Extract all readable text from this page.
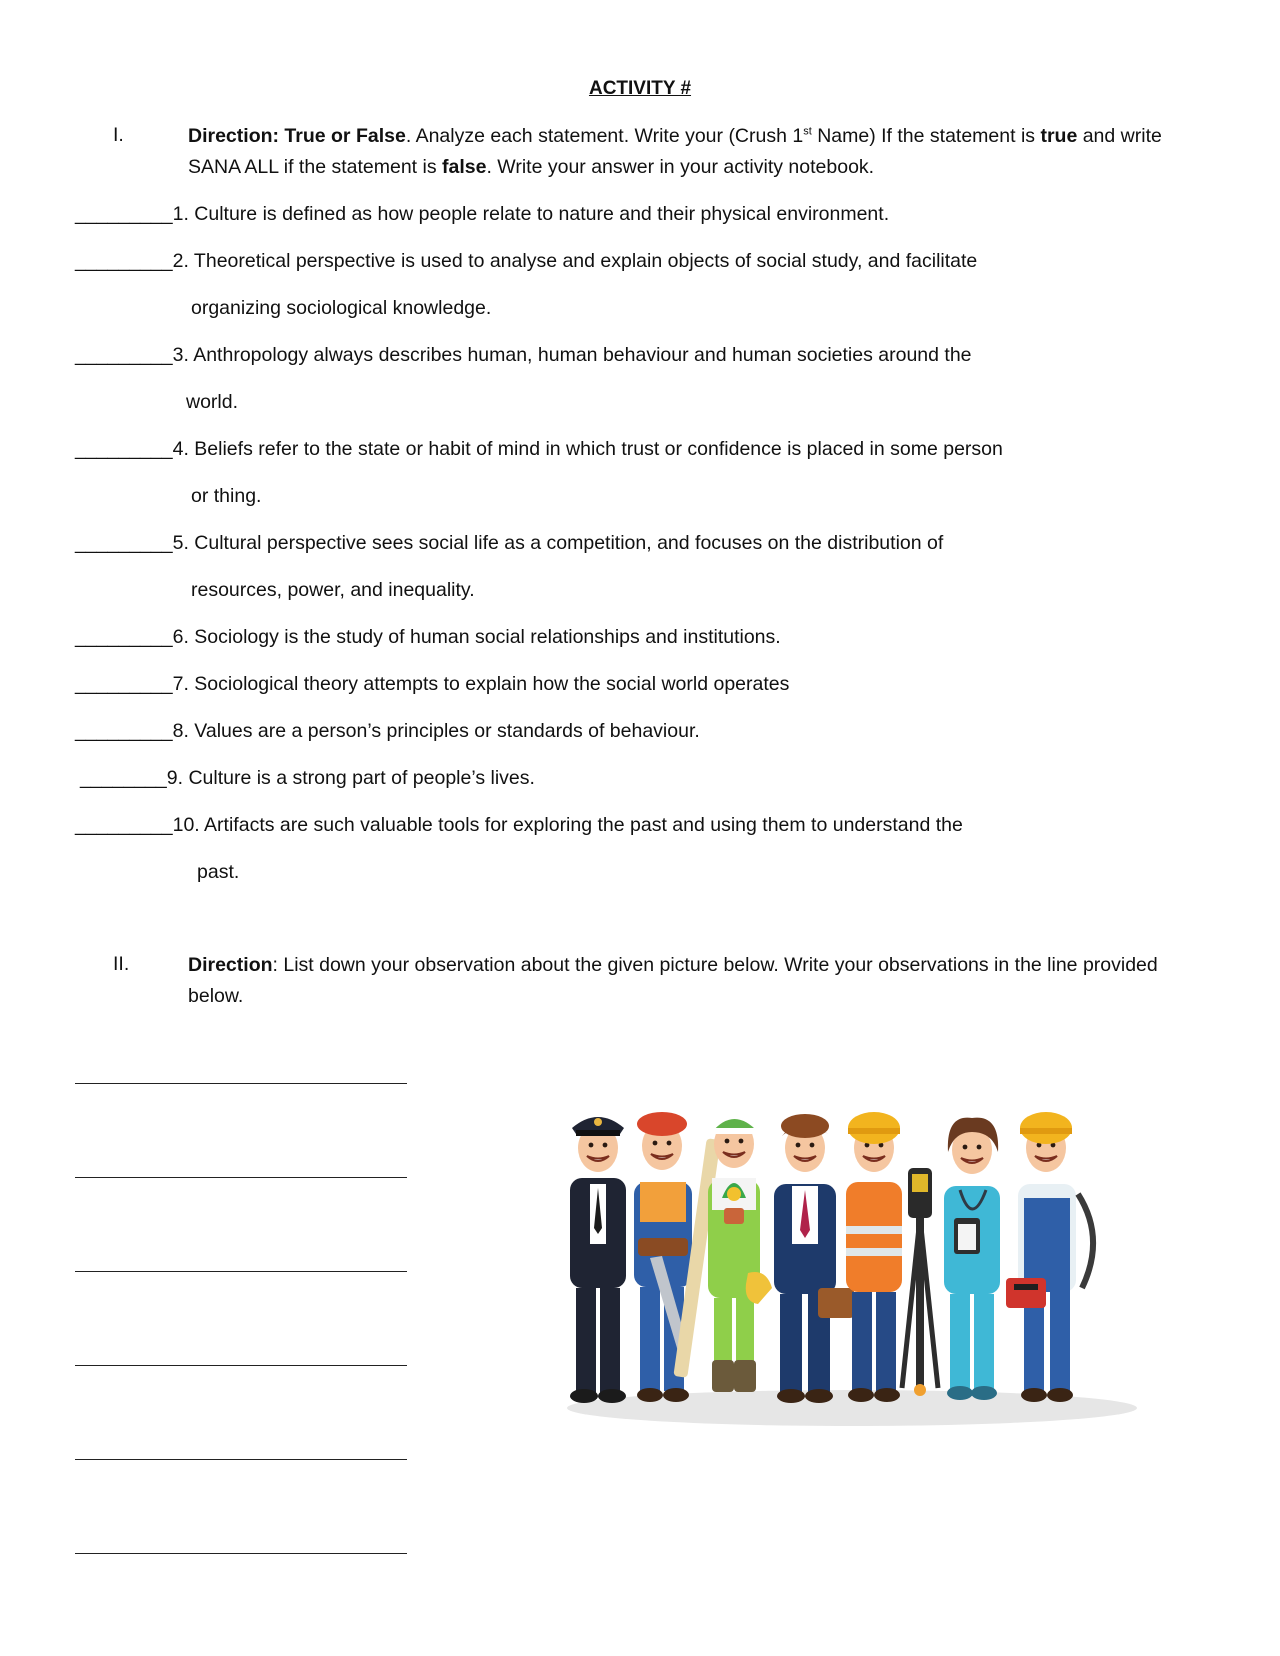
ACTIVITY #
I.	Direction: True or False. Analyze each statement. Write your (Crush 1st Name) If the statement is true and write SANA ALL if the statement is false. Write your answer in your activity notebook.
_________1. Culture is defined as how people relate to nature and their physical environment.
_________2. Theoretical perspective is used to analyse and explain objects of social study, and facilitate
organizing sociological knowledge.
_________3. Anthropology always describes human, human behaviour and human societies around the
world.
_________4. Beliefs refer to the state or habit of mind in which trust or confidence is placed in some person
or thing.
_________5. Cultural perspective sees social life as a competition, and focuses on the distribution of
resources, power, and inequality.
_________6. Sociology is the study of human social relationships and institutions.
_________7. Sociological theory attempts to explain how the social world operates
_________8. Values are a person’s principles or standards of behaviour.
________9. Culture is a strong part of people’s lives.
_________10. Artifacts are such valuable tools for exploring the past and using them to understand the
past.
II.	Direction: List down your observation about the given picture below. Write your observations in the line provided below.
